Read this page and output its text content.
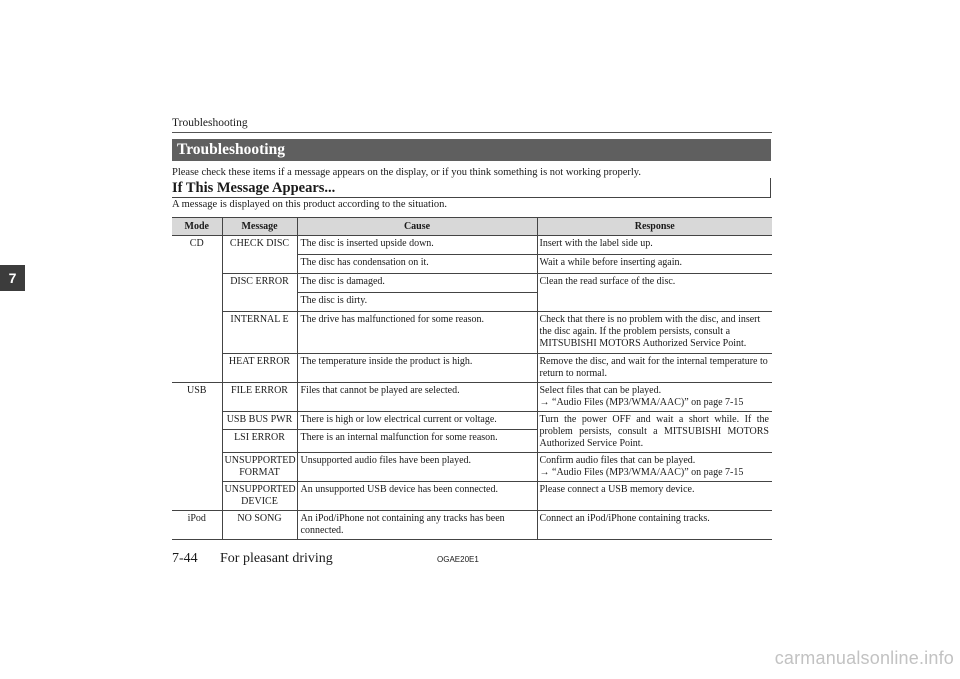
Troubleshooting
7
Troubleshooting
Please check these items if a message appears on the display, or if you think something is not working properly.
If This Message Appears...
A message is displayed on this product according to the situation.
Mode	Message	Cause	Response
CD	CHECK DISC	The disc is inserted upside down.	Insert with the label side up.
		The disc has condensation on it.	Wait a while before inserting again.
	DISC ERROR	The disc is damaged.	Clean the read surface of the disc.
		The disc is dirty.	
	INTERNAL E	The drive has malfunctioned for some reason.	Check that there is no problem with the disc, and insert the disc again. If the problem persists, consult a MITSUBISHI MOTORS Authorized Service Point.
	HEAT ERROR	The temperature inside the product is high.	Remove the disc, and wait for the internal temperature to return to normal.
USB	FILE ERROR	Files that cannot be played are selected.	Select files that can be played.
→ “Audio Files (MP3/WMA/AAC)” on page 7-15

	USB BUS PWR	There is high or low electrical current or voltage.	Turn the power OFF and wait a short while. If the problem persists, consult a MITSUBISHI MOTORS Authorized Service Point.
	LSI ERROR	There is an internal malfunction for some reason.	
	UNSUPPORTED FORMAT	Unsupported audio files have been played.	Confirm audio files that can be played.
→ “Audio Files (MP3/WMA/AAC)” on page 7-15

	UNSUPPORTED DEVICE	An unsupported USB device has been connected.	Please connect a USB memory device.
iPod	NO SONG	An iPod/iPhone not containing any tracks has been connected.	Connect an iPod/iPhone containing tracks.
7-44 For pleasant driving	OGAE20E1
carmanualsonline.info
